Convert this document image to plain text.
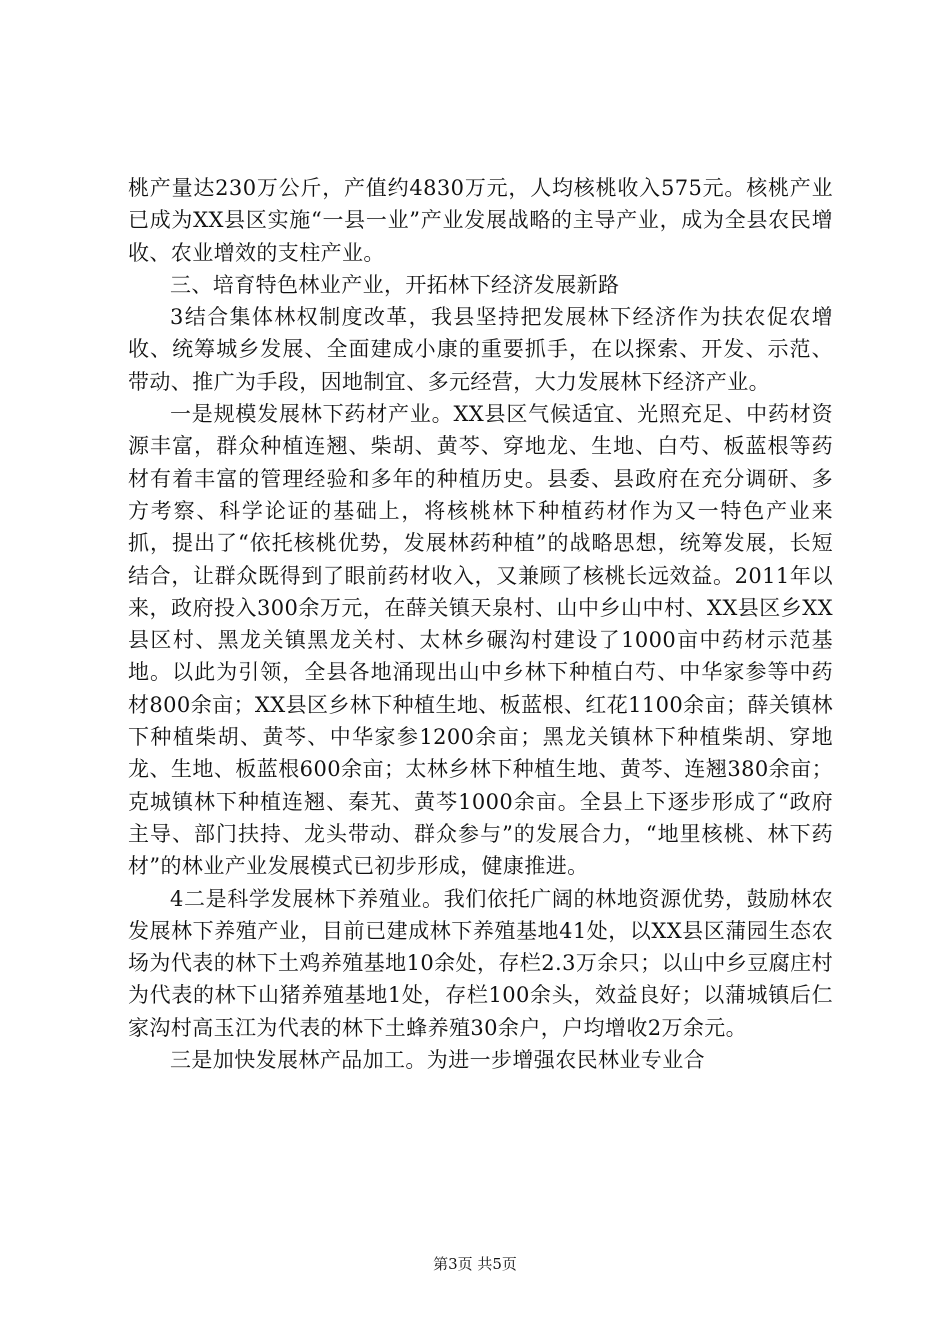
桃产量达230万公斤，产值约4830万元，人均核桃收入575元。核桃产业已成为XX县区实施“一县一业”产业发展战略的主导产业，成为全县农民增收、农业增效的支柱产业。

三、培育特色林业产业，开拓林下经济发展新路

3结合集体林权制度改革，我县坚持把发展林下经济作为扶农促农增收、统筹城乡发展、全面建成小康的重要抓手，在以探索、开发、示范、带动、推广为手段，因地制宜、多元经营，大力发展林下经济产业。

一是规模发展林下药材产业。XX县区气候适宜、光照充足、中药材资源丰富，群众种植连翘、柴胡、黄芩、穿地龙、生地、白芍、板蓝根等药材有着丰富的管理经验和多年的种植历史。县委、县政府在充分调研、多方考察、科学论证的基础上，将核桃林下种植药材作为又一特色产业来抓，提出了“依托核桃优势，发展林药种植”的战略思想，统筹发展，长短结合，让群众既得到了眼前药材收入，又兼顾了核桃长远效益。2011年以来，政府投入300余万元，在薛关镇天泉村、山中乡山中村、XX县区乡XX县区村、黑龙关镇黑龙关村、太林乡碾沟村建设了1000亩中药材示范基地。以此为引领，全县各地涌现出山中乡林下种植白芍、中华家参等中药材800余亩；XX县区乡林下种植生地、板蓝根、红花1100余亩；薛关镇林下种植柴胡、黄芩、中华家参1200余亩；黑龙关镇林下种植柴胡、穿地龙、生地、板蓝根600余亩；太林乡林下种植生地、黄芩、连翘380余亩；克城镇林下种植连翘、秦艽、黄芩1000余亩。全县上下逐步形成了“政府主导、部门扶持、龙头带动、群众参与”的发展合力，“地里核桃、林下药材”的林业产业发展模式已初步形成，健康推进。

4二是科学发展林下养殖业。我们依托广阔的林地资源优势，鼓励林农发展林下养殖产业，目前已建成林下养殖基地41处，以XX县区蒲园生态农场为代表的林下土鸡养殖基地10余处，存栏2.3万余只；以山中乡豆腐庄村为代表的林下山猪养殖基地1处，存栏100余头，效益良好；以蒲城镇后仁家沟村高玉江为代表的林下土蜂养殖30余户，户均增收2万余元。

三是加快发展林产品加工。为进一步增强农民林业专业合

第3页 共5页
